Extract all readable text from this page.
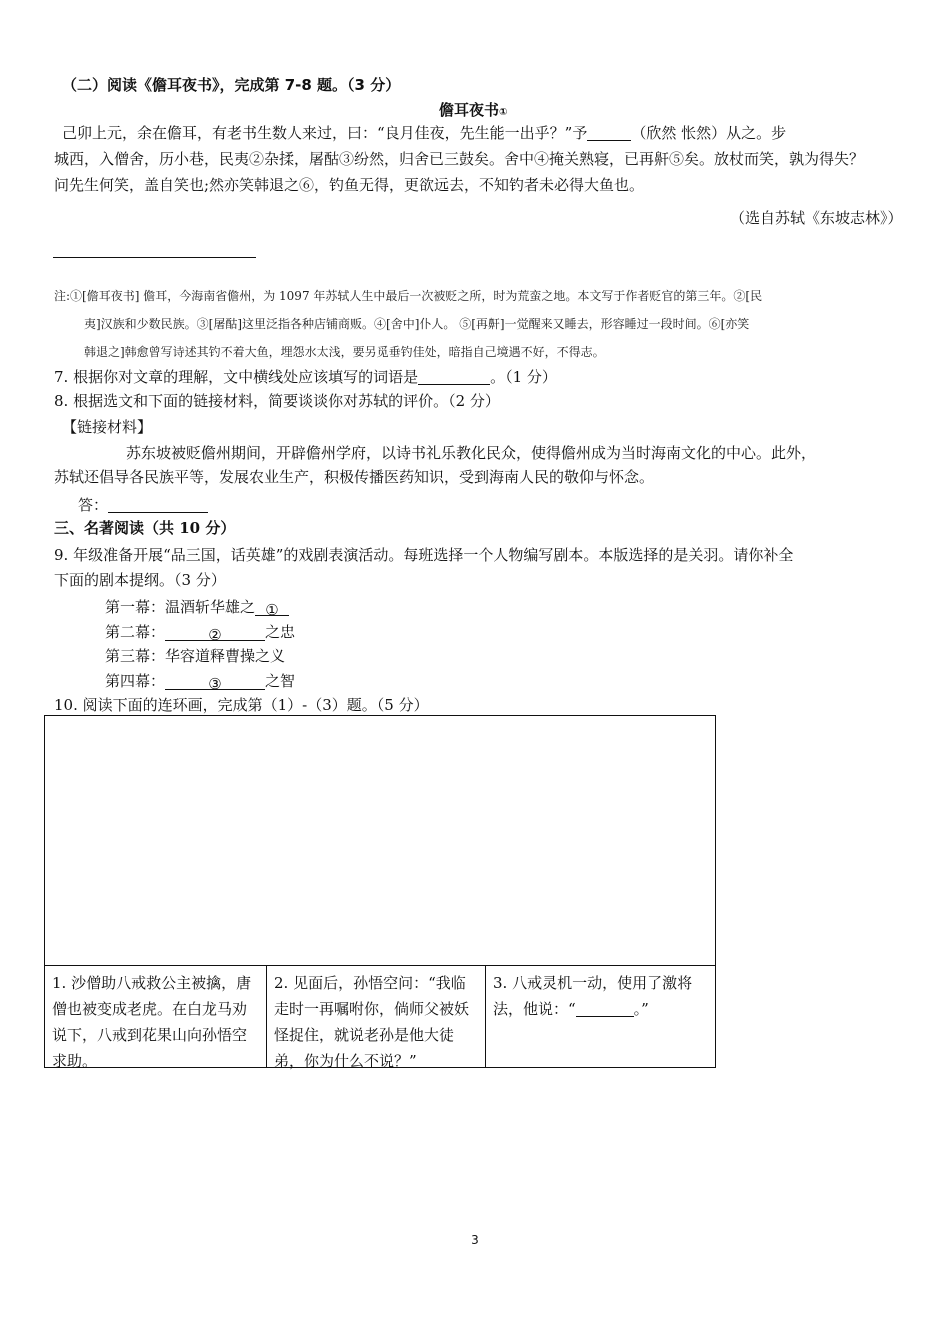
（二）阅读《儋耳夜书》，完成第 7-8 题。（3 分）
儋耳夜书①
己卯上元，余在儋耳，有老书生数人来过，曰：“良月佳夜，先生能一出乎？”予	（欣然 怅然）从之。步
城西，入僧舍，历小巷，民夷②杂揉，屠酤③纷然，归舍已三鼓矣。舍中④掩关熟寝，已再鼾⑤矣。放杖而笑，孰为得失？
问先生何笑，盖自笑也;然亦笑韩退之⑥，钓鱼无得，更欲远去，不知钓者未必得大鱼也。
（选自苏轼《东坡志林》）
注:①[儋耳夜书] 儋耳，今海南省儋州，为 1097 年苏轼人生中最后一次被贬之所，时为荒蛮之地。本文写于作者贬官的第三年。②[民
夷]汉族和少数民族。③[屠酤]这里泛指各种店铺商贩。④[舍中]仆人。 ⑤[再鼾]一觉醒来又睡去，形容睡过一段时间。⑥[亦笑
韩退之]韩愈曾写诗述其钓不着大鱼，埋怨水太浅，要另觅垂钓佳处，暗指自己境遇不好，不得志。
7. 根据你对文章的理解，文中横线处应该填写的词语是	。（1 分）
8. 根据选文和下面的链接材料，简要谈谈你对苏轼的评价。（2 分）
【链接材料】
苏东坡被贬儋州期间，开辟儋州学府，以诗书礼乐教化民众，使得儋州成为当时海南文化的中心。此外，
苏轼还倡导各民族平等，发展农业生产，积极传播医药知识，受到海南人民的敬仰与怀念。
答：
三、名著阅读（共 10 分）
9. 年级准备开展“品三国，话英雄”的戏剧表演活动。每班选择一个人物编写剧本。本版选择的是关羽。请你补全
下面的剧本提纲。（3 分）
第一幕：温酒斩华雄之 ①
第二幕：	②	之忠
第三幕：华容道释曹操之义
第四幕：	③	之智
10. 阅读下面的连环画，完成第（1）-（3）题。（5 分）
1. 沙僧助八戒救公主被擒，唐僧也被变成老虎。在白龙马劝说下，八戒到花果山向孙悟空求助。
2. 见面后，孙悟空问：“我临走时一再嘱咐你，倘师父被妖怪捉住，就说老孙是他大徒弟，你为什么不说？”
3. 八戒灵机一动，使用了激将法，他说：“	。”
3
